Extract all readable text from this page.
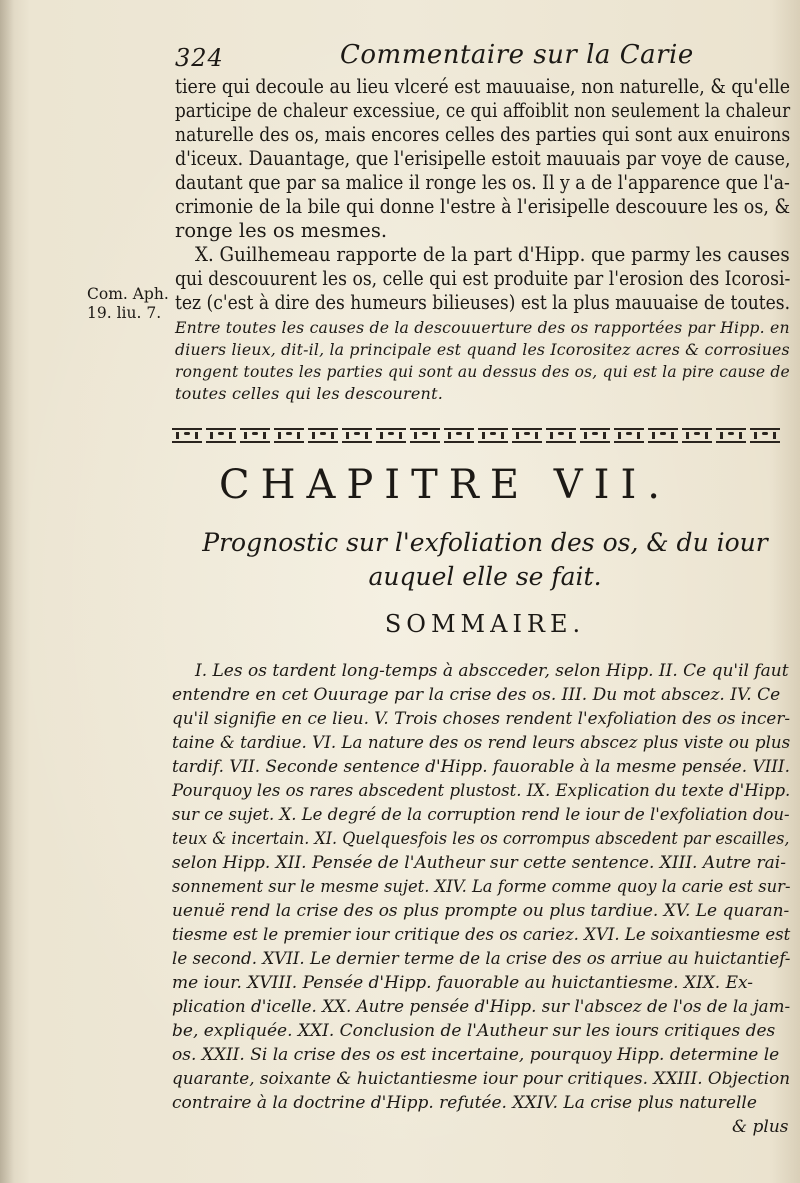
324	Commentaire sur la Carie
tiere qui decoule au lieu vlceré est mauuaise, non naturelle, & qu'elle
participe de chaleur excessiue, ce qui affoiblit non seulement la chaleur
naturelle des os, mais encores celles des parties qui sont aux enuirons
d'iceux. Dauantage, que l'erisipelle estoit mauuais par voye de cause,
dautant que par sa malice il ronge les os. Il y a de l'apparence que l'a-
crimonie de la bile qui donne l'estre à l'erisipelle descouure les os, &
ronge les os mesmes.
X. Guilhemeau rapporte de la part d'Hipp. que parmy les causes
qui descouurent les os, celle qui est produite par l'erosion des Icorosi-
tez (c'est à dire des humeurs bilieuses) est la plus mauuaise de toutes.
Com. Aph.
19. liu. 7.
Entre toutes les causes de la descouuerture des os rapportées par Hipp. en
diuers lieux, dit-il, la principale est quand les Icorositez acres & corrosiues
rongent toutes les parties qui sont au dessus des os, qui est la pire cause de
toutes celles qui les descourent.
CHAPITRE VII.
Prognostic sur l'exfoliation des os, & du iour
auquel elle se fait.
SOMMAIRE.
I. Les os tardent long-temps à abscceder, selon Hipp. II. Ce qu'il faut
entendre en cet Ouurage par la crise des os. III. Du mot abscez. IV. Ce
qu'il signifie en ce lieu. V. Trois choses rendent l'exfoliation des os incer-
taine & tardiue. VI. La nature des os rend leurs abscez plus viste ou plus
tardif. VII. Seconde sentence d'Hipp. fauorable à la mesme pensée. VIII.
Pourquoy les os rares abscedent plustost. IX. Explication du texte d'Hipp.
sur ce sujet. X. Le degré de la corruption rend le iour de l'exfoliation dou-
teux & incertain. XI. Quelquesfois les os corrompus abscedent par escailles,
selon Hipp. XII. Pensée de l'Autheur sur cette sentence. XIII. Autre rai-
sonnement sur le mesme sujet. XIV. La forme comme quoy la carie est sur-
uenuë rend la crise des os plus prompte ou plus tardiue. XV. Le quaran-
tiesme est le premier iour critique des os cariez. XVI. Le soixantiesme est
le second. XVII. Le dernier terme de la crise des os arriue au huictantief-
me iour. XVIII. Pensée d'Hipp. fauorable au huictantiesme. XIX. Ex-
plication d'icelle. XX. Autre pensée d'Hipp. sur l'abscez de l'os de la jam-
be, expliquée. XXI. Conclusion de l'Autheur sur les iours critiques des
os. XXII. Si la crise des os est incertaine, pourquoy Hipp. determine le
quarante, soixante & huictantiesme iour pour critiques. XXIII. Objection
contraire à la doctrine d'Hipp. refutée. XXIV. La crise plus naturelle
& plus
